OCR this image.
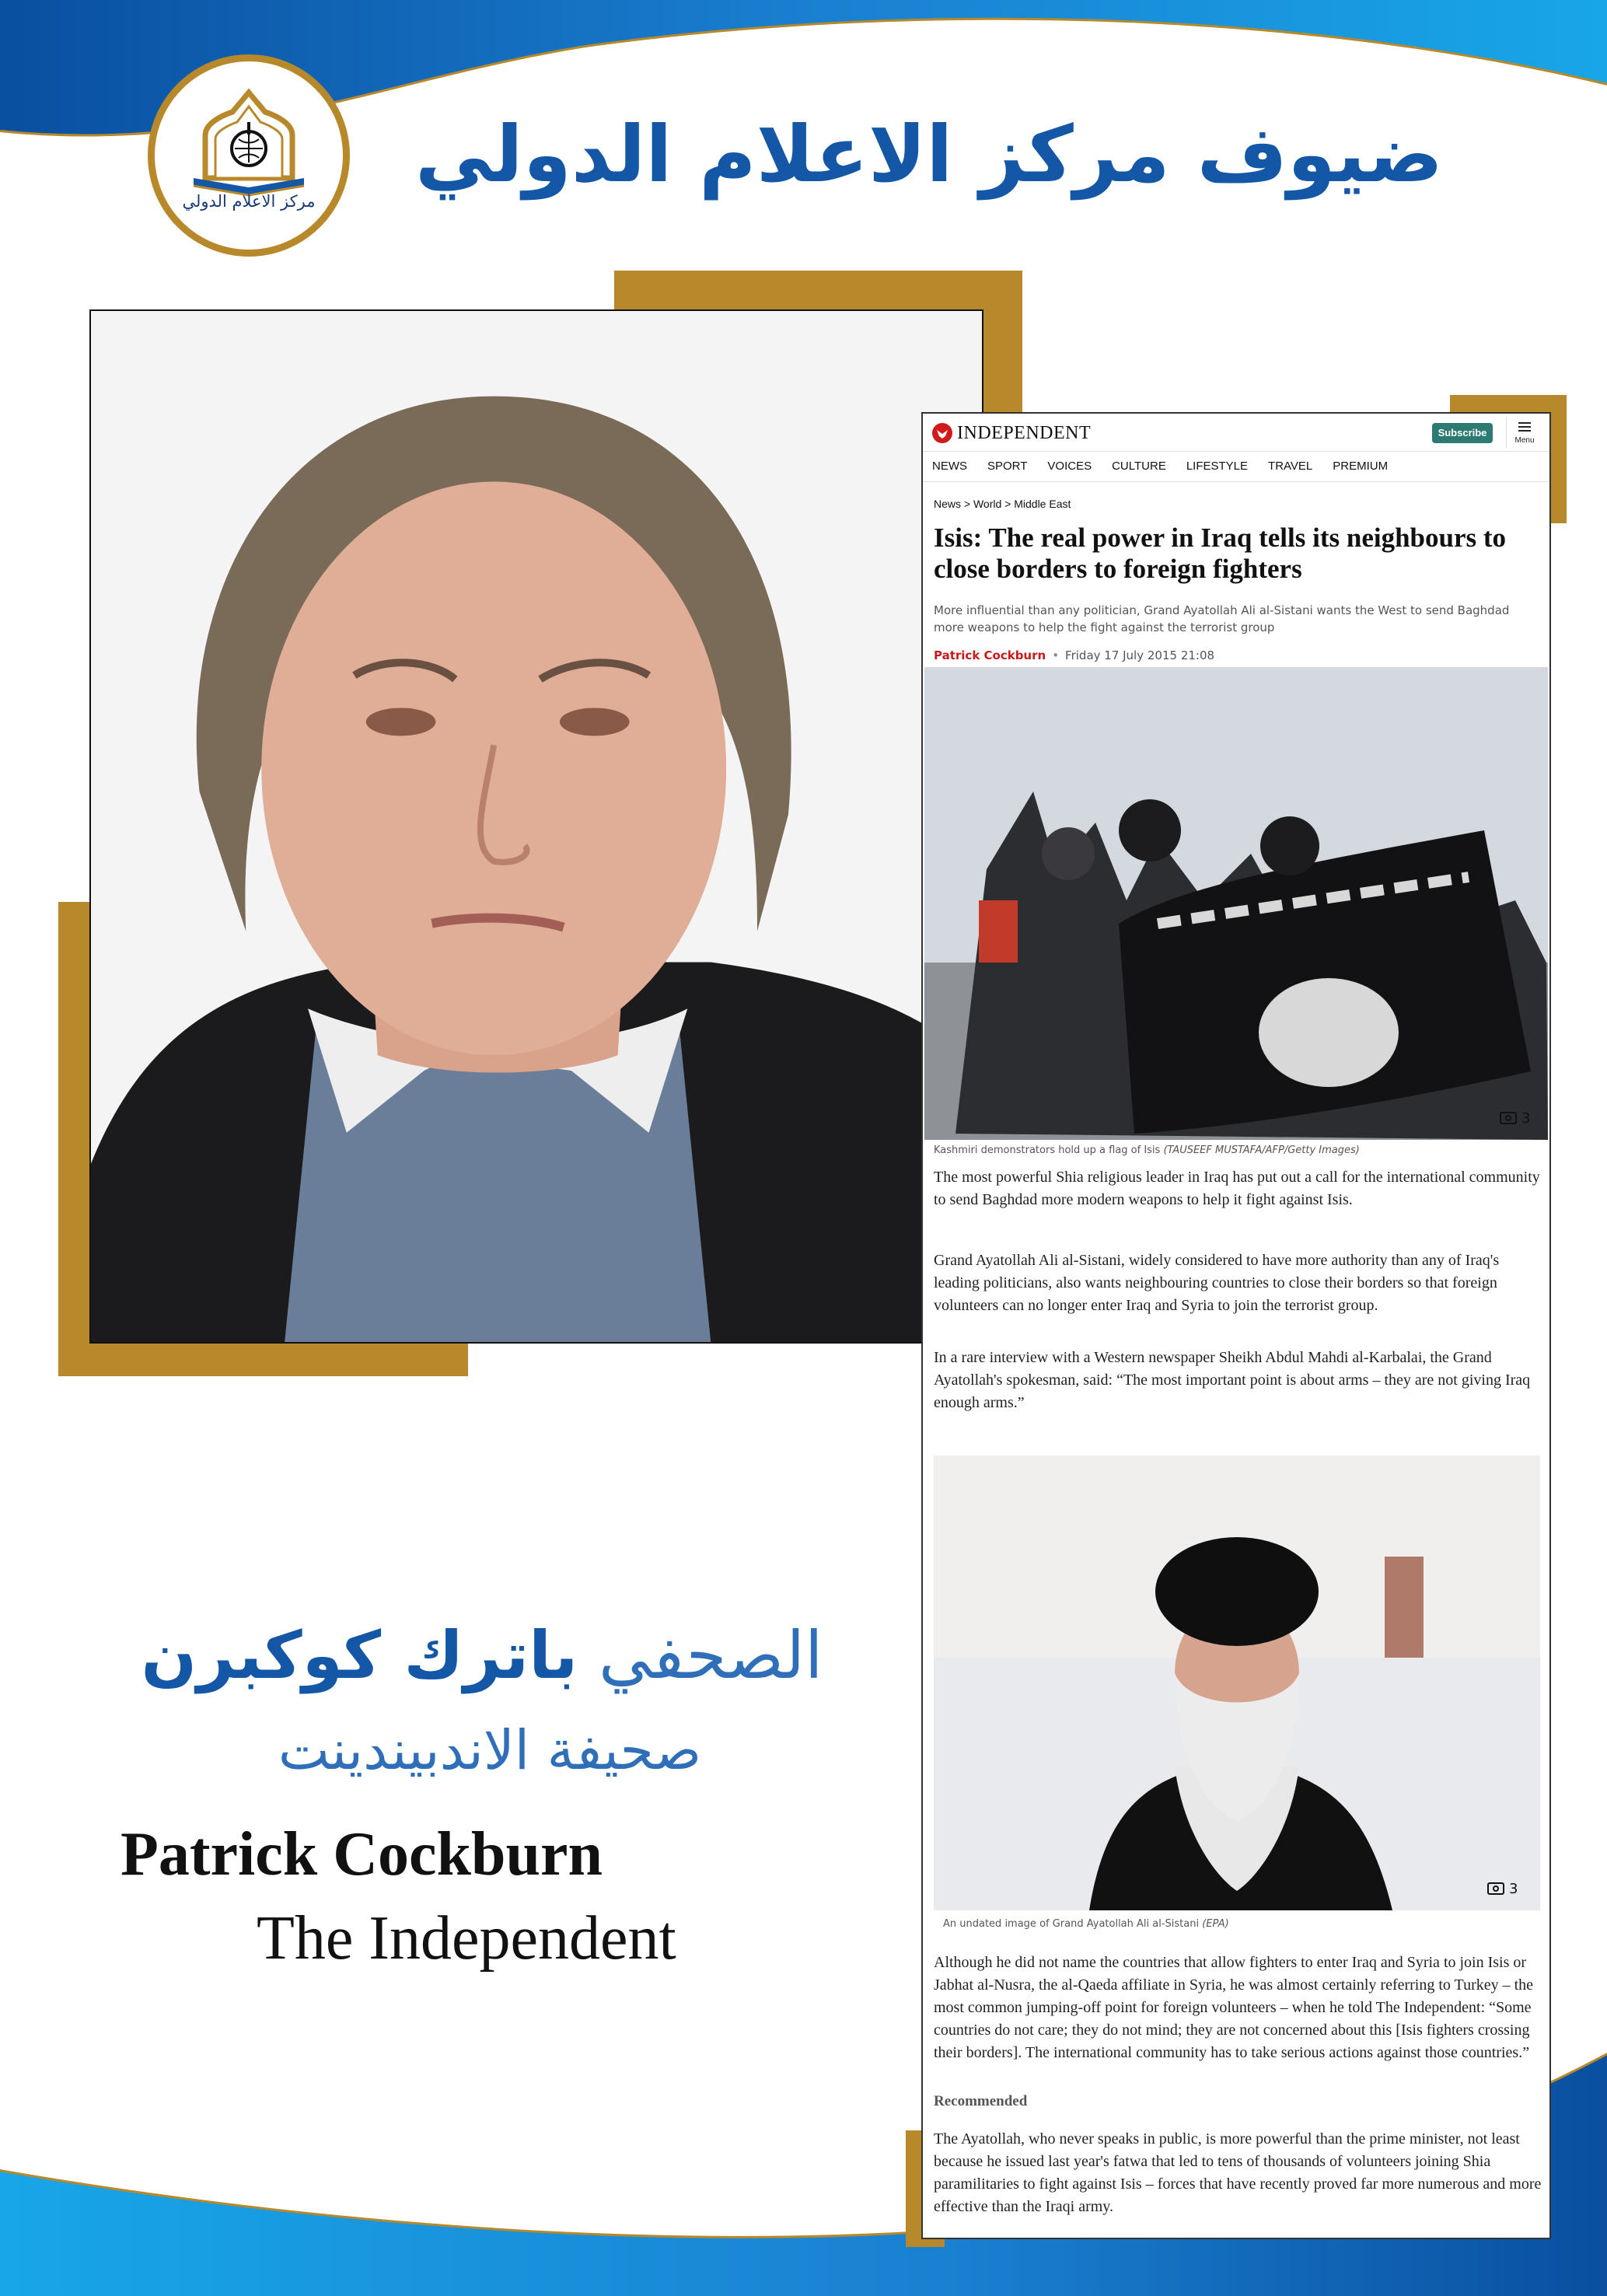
مركز الاعلام الدولي
ضيوف مركز الاعلام الدولي
INDEPENDENT	Subscribe
Menu
NEWS SPORT VOICES CULTURE LIFESTYLE TRAVEL PREMIUM
News > World > Middle East
Isis: The real power in Iraq tells its neighbours to close borders to foreign fighters
More influential than any politician, Grand Ayatollah Ali al-Sistani wants the West to send Baghdad more weapons to help the fight against the terrorist group
Patrick Cockburn • Friday 17 July 2015 21:08
3
Kashmiri demonstrators hold up a flag of Isis (TAUSEEF MUSTAFA/AFP/Getty Images)
The most powerful Shia religious leader in Iraq has put out a call for the international community to send Baghdad more modern weapons to help it fight against Isis.
Grand Ayatollah Ali al-Sistani, widely considered to have more authority than any of Iraq's leading politicians, also wants neighbouring countries to close their borders so that foreign volunteers can no longer enter Iraq and Syria to join the terrorist group.
In a rare interview with a Western newspaper Sheikh Abdul Mahdi al-Karbalai, the Grand Ayatollah's spokesman, said: “The most important point is about arms – they are not giving Iraq enough arms.”
3
An undated image of Grand Ayatollah Ali al-Sistani (EPA)
Although he did not name the countries that allow fighters to enter Iraq and Syria to join Isis or Jabhat al-Nusra, the al-Qaeda affiliate in Syria, he was almost certainly referring to Turkey – the most common jumping-off point for foreign volunteers – when he told The Independent: “Some countries do not care; they do not mind; they are not concerned about this [Isis fighters crossing their borders]. The international community has to take serious actions against those countries.”
Recommended
The Ayatollah, who never speaks in public, is more powerful than the prime minister, not least because he issued last year's fatwa that led to tens of thousands of volunteers joining Shia paramilitaries to fight against Isis – forces that have recently proved far more numerous and more effective than the Iraqi army.
الصحفي باترك كوكبرن
صحيفة الاندبيندينت
Patrick Cockburn
The Independent
